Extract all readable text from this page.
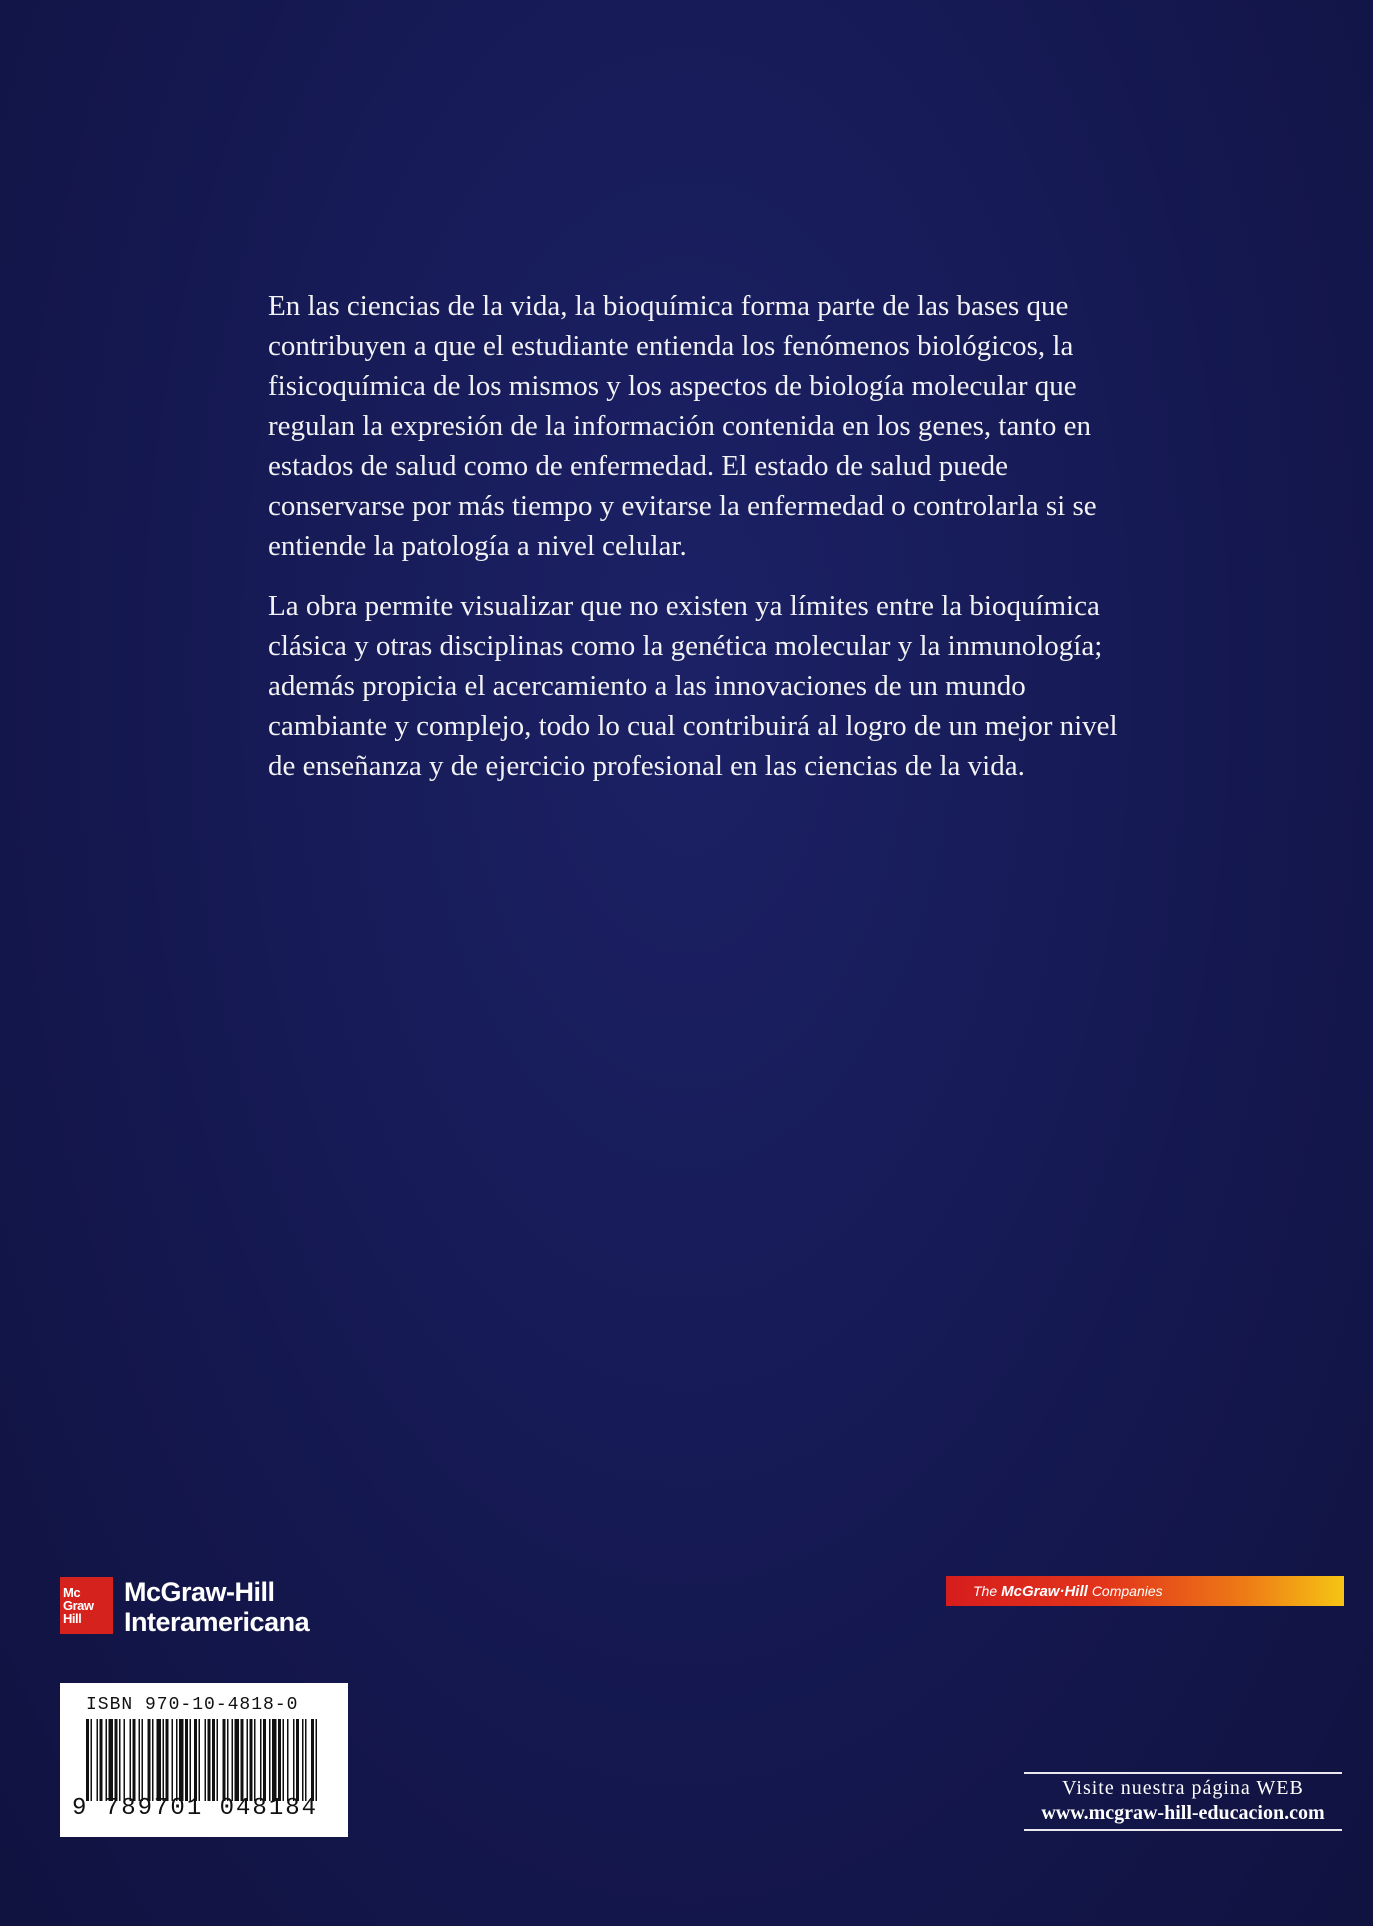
En las ciencias de la vida, la bioquímica forma parte de las bases que contribuyen a que el estudiante entienda los fenómenos biológicos, la fisicoquímica de los mismos y los aspectos de biología molecular que regulan la expresión de la información contenida en los genes, tanto en estados de salud como de enfermedad. El estado de salud puede conservarse por más tiempo y evitarse la enfermedad o controlarla si se entiende la patología a nivel celular.

La obra permite visualizar que no existen ya límites entre la bioquímica clásica y otras disciplinas como la genética molecular y la inmunología; además propicia el acercamiento a las innovaciones de un mundo cambiante y complejo, todo lo cual contribuirá al logro de un mejor nivel de enseñanza y de ejercicio profesional en las ciencias de la vida.

Mc
Graw
Hill
McGraw-Hill
Interamericana
The McGraw·Hill Companies
ISBN 970-10-4818-0
9 789701 048184
Visite nuestra página WEB
www.mcgraw-hill-educacion.com
